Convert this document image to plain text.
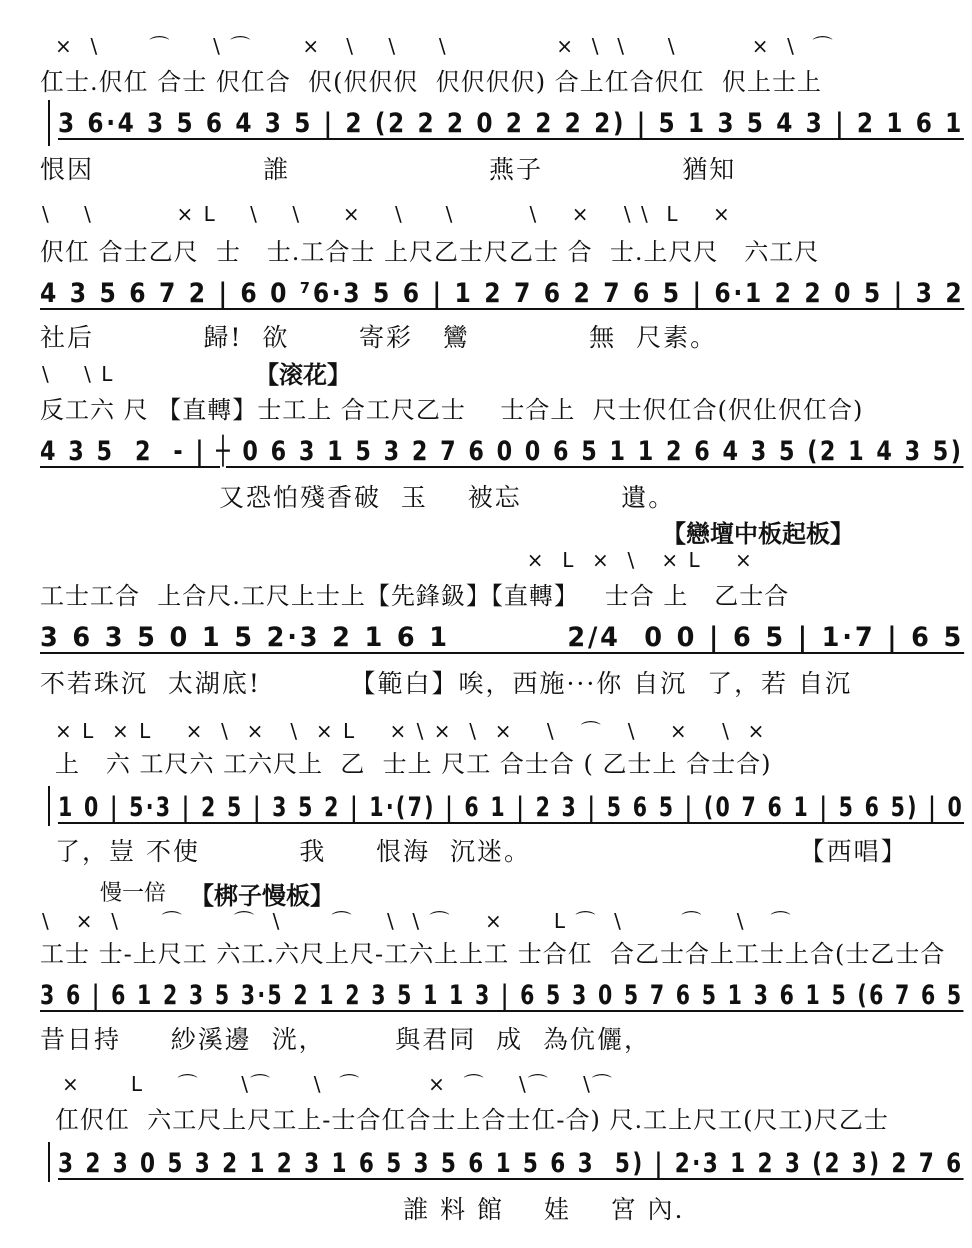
×  \      ⌒     \ ⌒      ×   \    \     \             ×  \  \     \         ×  \  ⌒
仜士.伬仜 合士 伬仜合  伬(伬伬伬  伬伬伬伬) 合上仜合伬仜  伬上士上
3 6·4 3 5 6 4 3 5 | 2 (2 2 2 0 2 2 2 2) | 5 1 3 5 4 3 | 2 1 6 1
恨因                 誰                    燕子              猶知
\    \          × L    \    \     ×    \     \         \    ×    \ \  L    ×
伬仜 合士乙尺  士   士.工合士 上尺乙士尺乙士 合  士.上尺尺   六工尺
4 3 5 6 7 2 | 6 0 ⁷6·3 5 6 | 1 2 7 6 2 7 6 5 | 6·1 2 2 0 5 | 3 2
社后           歸!  欲       寄彩   鸞            無  尺素。
【滚花】
\    \ L
反工六 尺 【直轉】士工上 合工尺乙士    士合上  尺士伬仜合(伬仩伬仜合)
4 3 5  2  - | ┼ 0 6 3 1 5 3 2 7 6 0 0 6 5 1 1 2 6 4 3 5 (2 1 4 3 5)
又恐怕殘香破  玉    被忘          遺。
【戀壇中板起板】
×  L  ×  \   × L    ×
工士工合  上合尺.工尺上士上【先鋒鈒】【直轉】   士合 上   乙士合
3 6 3 5 0 1 5 2·3 2 1 6 1          2/4  0 0 | 6 5 | 1·7 | 6 5
不若珠沉  太湖底!         【範白】唉，西施···你 自沉  了，若 自沉
× L  × L    ×  \  ×   \  × L    × \ ×  \  ×    \   ⌒   \    ×    \  ×
上   六 工尺六 工六尺上  乙  士上 尺工 合士合 ( 乙士上 合士合)
1 0 | 5·3 | 2 5 | 3 5 2 | 1·(7) | 6 1 | 2 3 | 5 6 5 | (0 7 6 1 | 5 6 5) | 0
了，豈 不使          我     恨海  沉迷。                           【西唱】
慢一倍 【梆子慢板】
\   ×  \     ⌒      ⌒  \      ⌒    \  \ ⌒    ×      L ⌒  \       ⌒    \   ⌒
工士 士-上尺工 六工.六尺上尺-工六上上工 士合仜  合乙士合上工士上合(士乙士合
3 6 | 6 1 2 3 5 3·5 2 1 2 3 5 1 1 3 | 6 5 3 0 5 7 6 5 1 3 6 1 5 (6 7 6 5
昔日持     紗溪邊  洸，       與君同  成  為伉儷，
×      L    ⌒     \⌒     \  ⌒        ×  ⌒    \⌒    \⌒
仜伬仜  六工尺上尺工上-士合仜合士上合士仜-合) 尺.工上尺工(尺工)尺乙士
3 2 3 0 5 3 2 1 2 3 1 6 5 3 5 6 1 5 6 3  5) | 2·3 1 2 3 (2 3) 2 7 6
誰 料 館    娃    宮 內.
